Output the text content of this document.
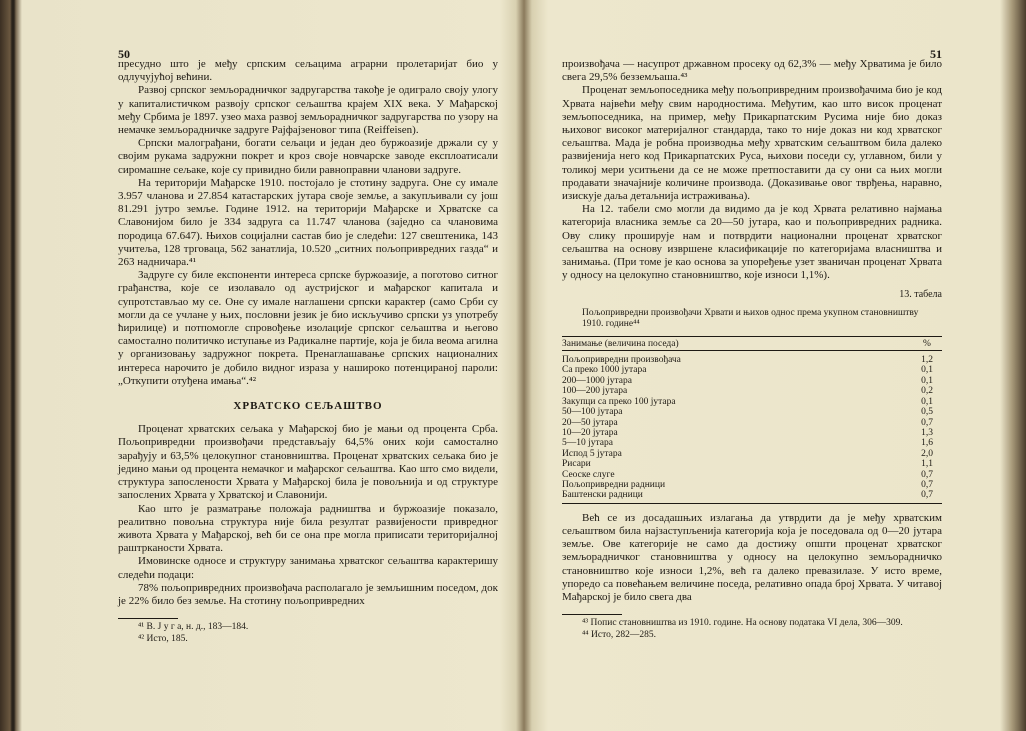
50

пресудно што је међу српским сељацима аграрни пролетаријат био у одлучујућој већини.

Развој српског земљорадничког задругарства такође је одиграло своју улогу у капиталистичком развоју српског сељаштва крајем XIX века. У Мађарској међу Србима је 1897. узео маха развој земљорадничког задругарства по узору на немачке земљорадничке задруге Рајфајзеновог типа (Reiffeisen).

Српски малограђани, богати сељаци и један део буржоазије држали су у својим рукама задружни покрет и кроз своје новчарске заводе експлоатисали сиромашне сељаке, које су привидно били равноправни чланови задруге.

На територији Мађарске 1910. постојало је стотину задруга. Оне су имале 3.957 чланова и 27.854 катастарских јутара своје земље, а закупљивали су још 81.291 јутро земље. Године 1912. на територији Мађарске и Хрватске са Славонијом било је 334 задруга са 11.747 чланова (заједно са члановима породица 67.647). Њихов социјални састав био је следећи: 127 свештеника, 143 учитеља, 128 трговаца, 562 занатлија, 10.520 „ситних пољопривредних газда“ и 263 надничара.⁴¹

Задруге су биле експоненти интереса српске буржоазије, а поготово ситног грађанства, које се изолавало од аустријског и мађарског капитала и супротстављао му се. Оне су имале наглашени српски карактер (само Срби су могли да се учлане у њих, пословни језик је био искључиво српски уз употребу ћирилице) и потпомогле спровођење изолације српског сељаштва и његово самостално политичко иступање из Радикалне партије, која је била веома агилна у организовању задружног покрета. Пренаглашавање српских националних интереса нарочито је добило видног израза у нашироко потенцираној пароли: „Откупити отуђена имања“.⁴²

ХРВАТСКО СЕЉАШТВО

Проценат хрватских сељака у Мађарској био је мањи од процента Срба. Пољопривредни произвођачи представљају 64,5% оних који самостално зарађују и 63,5% целокупног становништва. Проценат хрватских сељака био је једино мањи од процента немачког и мађарског сељаштва. Као што смо видели, структура запослености Хрвата у Мађарској била је повољнија и од структуре запослених Хрвата у Хрватској и Славонији.

Као што је разматрање положаја радништва и буржоазије показало, реалитвно повољна структура није била резултат развијености привредног живота Хрвата у Мађарској, већ би се она пре могла приписати територијалној раштрканости Хрвата.

Имовинске односе и структуру занимања хрватског сељаштва карактеришу следећи подаци:

78% пољопривредних произвођача располагало је земљишним поседом, док је 22% било без земље. На стотину пољопривредних

⁴¹ В. Ј у г а, н. д., 183—184.

⁴² Исто, 185.

51

произвођача — насупрот државном просеку од 62,3% — међу Хрватима је било свега 29,5% безземљаша.⁴³

Проценат земљопоседника међу пољопривредним произвођачима био је код Хрвата највећи међу свим народностима. Међутим, као што висок проценат земљопоседника, на пример, међу Прикарпатским Русима није био доказ њиховог високог материјалног стандарда, тако то није доказ ни код хрватског сељаштва. Мада је робна производња међу хрватским сељаштвом била далеко развијенија него код Прикарпатских Руса, њихови поседи су, углавном, били у толикој мери уситњени да се не може претпоставити да су они са њих могли продавати значајније количине производа. (Доказивање овог тврђења, наравно, изискује даља детаљнија истраживања).

На 12. табели смо могли да видимо да је код Хрвата релативно најмања категорија власника земље са 20—50 јутара, као и пољопривредних радника. Ову слику проширује нам и потврдити национални проценат хрватског сељаштва на основу извршене класификације по категоријама власништва и занимања. (При томе је као основа за упоређење узет званичан проценат Хрвата у односу на целокупно становништво, које износи 1,1%).

13. табела
Пољопривредни произвођачи Хрвати и њихов однос према укупном становништву 1910. године⁴⁴
Занимање (величина поседа)	%
Пољопривредни произвођача	1,2
Са преко 1000 јутара	0,1
200—1000 јутара	0,1
100—200 јутара	0,2
Закупци са преко 100 јутара	0,1
50—100 јутара	0,5
20—50 јутара	0,7
10—20 јутара	1,3
5—10 јутара	1,6
Испод 5 јутара	2,0
Рисари	1,1
Сеоске слуге	0,7
Пољопривредни радници	0,7
Баштенски радници	0,7

Већ се из досадашњих излагања да утврдити да је међу хрватским сељаштвом била најзаступљенија категорија која је поседовала од 0—20 јутара земље. Ове категорије не само да достижу општи проценат хрватског земљорадничког становништва у односу на целокупно земљорадничко становништво које износи 1,2%, већ га далеко превазилазе. У исто време, упоредо са повећањем величине поседа, релативно опада број Хрвата. У читавој Мађарској је било свега два

⁴³ Попис становништва из 1910. године. На основу података VI дела, 306—309.

⁴⁴ Исто, 282—285.
